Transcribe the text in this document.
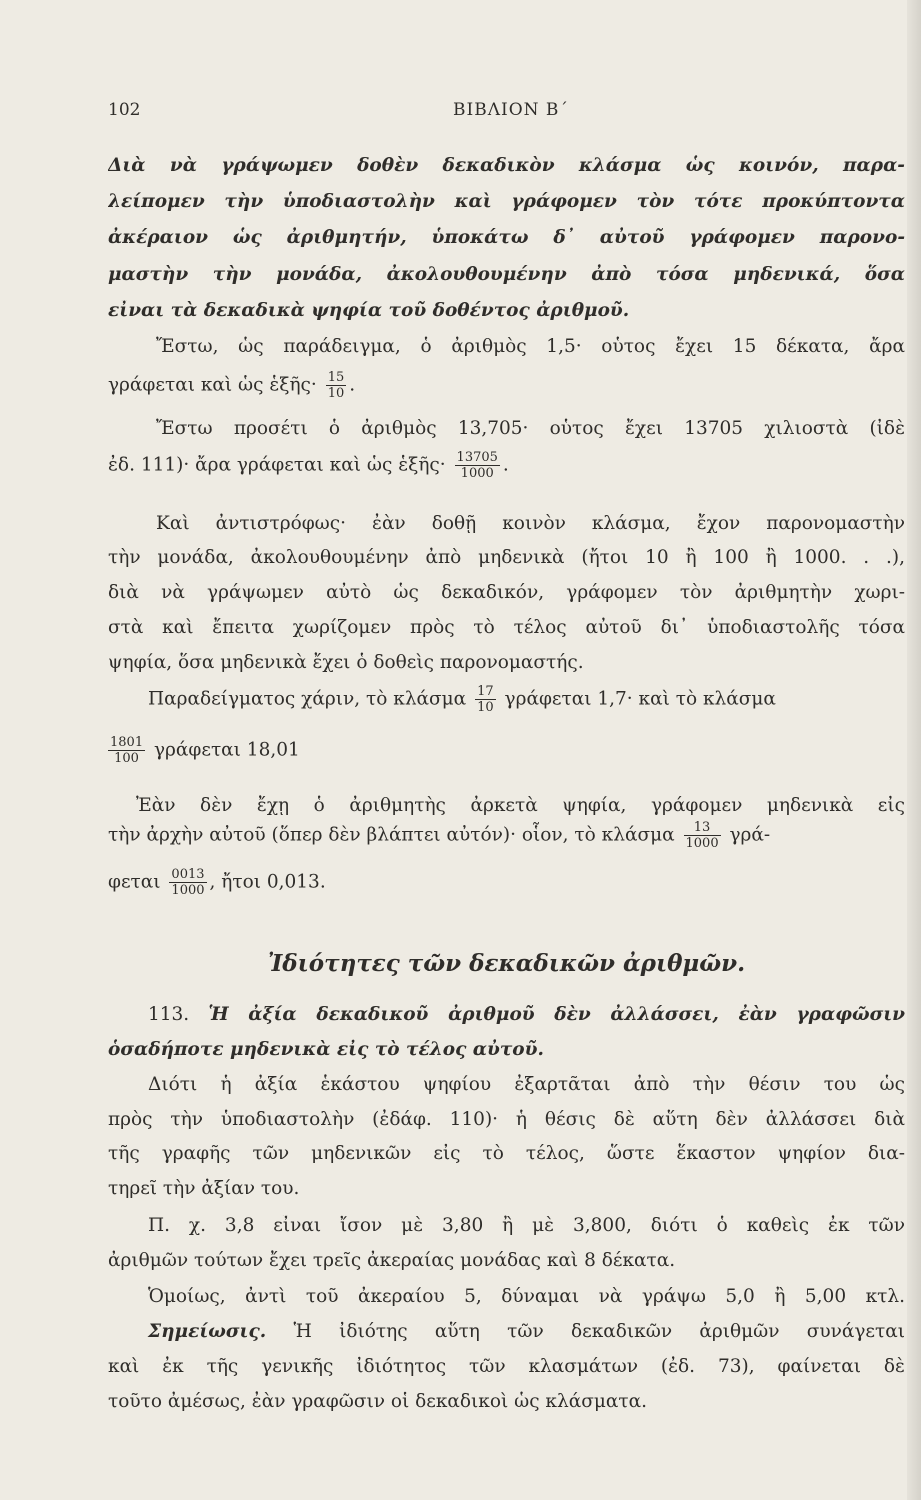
102	ΒΙΒΛΙΟΝ Β΄
Διὰ νὰ γράψωμεν δοθὲν δεκαδικὸν κλάσμα ὡς κοινόν, παρα-
λείπομεν τὴν ὑποδιαστολὴν καὶ γράφομεν τὸν τότε προκύπτοντα
ἀκέραιον ὡς ἀριθμητήν, ὑποκάτω δ᾽ αὐτοῦ γράφομεν παρονο-
μαστὴν τὴν μονάδα, ἀκολουθουμένην ἀπὸ τόσα μηδενικά, ὅσα
εἶναι τὰ δεκαδικὰ ψηφία τοῦ δοθέντος ἀριθμοῦ.
Ἔστω, ὡς παράδειγμα, ὁ ἀριθμὸς 1,5· οὗτος ἔχει 15 δέκατα, ἄρα
γράφεται καὶ ὡς ἑξῆς· $\frac{15}{10}$ .
Ἔστω προσέτι ὁ ἀριθμὸς 13,705· οὗτος ἔχει 13705 χιλιοστὰ (ἰδὲ
ἐδ. 111)· ἄρα γράφεται καὶ ὡς ἑξῆς· $\frac{13705}{1000}$ .
Καὶ ἀντιστρόφως· ἐὰν δοθῇ κοινὸν κλάσμα, ἔχον παρονομαστὴν
τὴν μονάδα, ἀκολουθουμένην ἀπὸ μηδενικὰ (ἤτοι 10 ἢ 100 ἢ 1000. . .),
διὰ νὰ γράψωμεν αὐτὸ ὡς δεκαδικόν, γράφομεν τὸν ἀριθμητὴν χωρι-
στὰ καὶ ἔπειτα χωρίζομεν πρὸς τὸ τέλος αὐτοῦ δι᾽ ὑποδιαστολῆς τόσα
ψηφία, ὅσα μηδενικὰ ἔχει ὁ δοθεὶς παρονομαστής.
Παραδείγματος χάριν, τὸ κλάσμα $\frac{17}{10}$ γράφεται 1,7· καὶ τὸ κλάσμα
$\frac{1801}{100}$ γράφεται 18,01
Ἐὰν δὲν ἔχῃ ὁ ἀριθμητὴς ἀρκετὰ ψηφία, γράφομεν μηδενικὰ εἰς
τὴν ἀρχὴν αὐτοῦ (ὅπερ δὲν βλάπτει αὐτόν)· οἷον, τὸ κλάσμα $\frac{13}{1000} \gamma\rho ά-$
φεται $\frac{0013}{1000}$ , ἤτοι 0,013.
Ἰδιότητες τῶν δεκαδικῶν ἀριθμῶν.
113. Ἡ ἀξία δεκαδικοῦ ἀριθμοῦ δὲν ἀλλάσσει, ἐὰν γραφῶσιν
ὁσαδήποτε μηδενικὰ εἰς τὸ τέλος αὐτοῦ.
Διότι ἡ ἀξία ἑκάστου ψηφίου ἐξαρτᾶται ἀπὸ τὴν θέσιν του ὡς
πρὸς τὴν ὑποδιαστολὴν (ἐδάφ. 110)· ἡ θέσις δὲ αὕτη δὲν ἀλλάσσει διὰ
τῆς γραφῆς τῶν μηδενικῶν εἰς τὸ τέλος, ὥστε ἕκαστον ψηφίον δια-
τηρεῖ τὴν ἀξίαν του.
Π. χ. 3,8 εἶναι ἴσον μὲ 3,80 ἢ μὲ 3,800, διότι ὁ καθεὶς ἐκ τῶν
ἀριθμῶν τούτων ἔχει τρεῖς ἀκεραίας μονάδας καὶ 8 δέκατα.
Ὁμοίως, ἀντὶ τοῦ ἀκεραίου 5, δύναμαι νὰ γράψω 5,0 ἢ 5,00 κτλ.
Σημείωσις. Ἡ ἰδιότης αὕτη τῶν δεκαδικῶν ἀριθμῶν συνάγεται
καὶ ἐκ τῆς γενικῆς ἰδιότητος τῶν κλασμάτων (ἐδ. 73), φαίνεται δὲ
τοῦτο ἀμέσως, ἐὰν γραφῶσιν οἱ δεκαδικοὶ ὡς κλάσματα.
